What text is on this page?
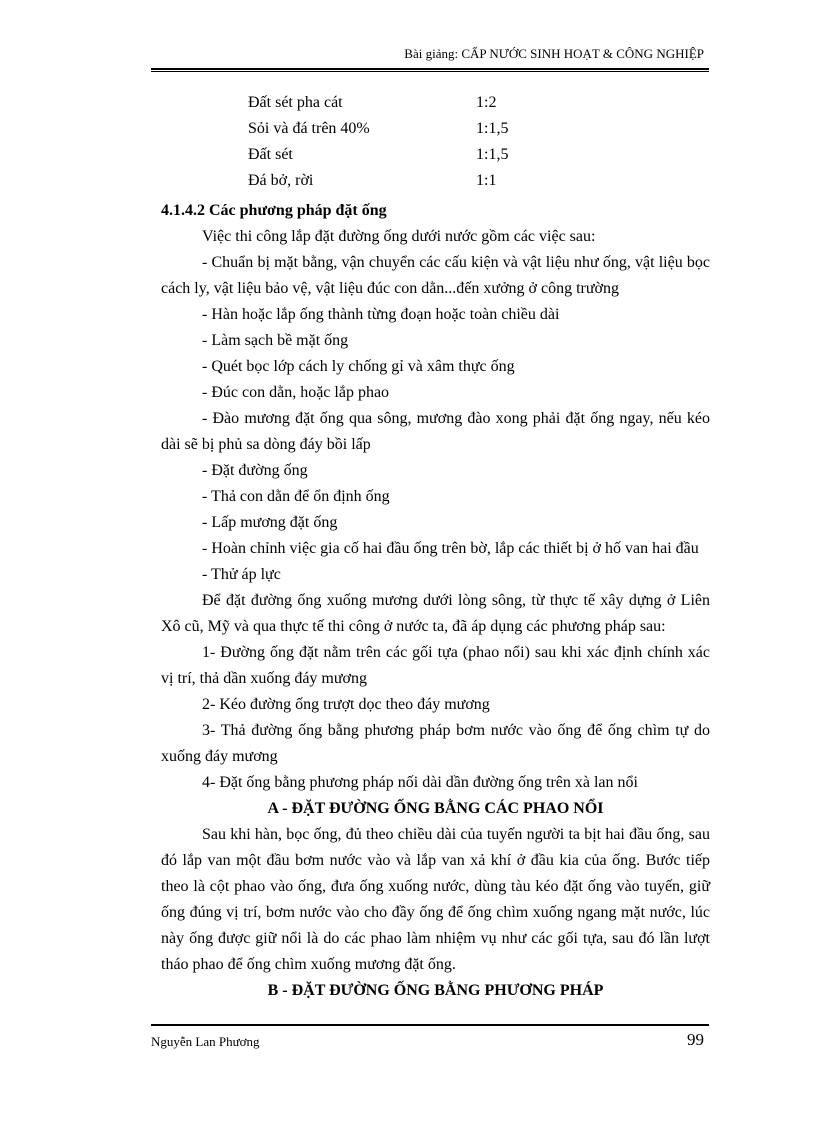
Bài giảng: CẤP NƯỚC SINH HOẠT & CÔNG NGHIỆP
Đất sét pha cát	1:2
Sỏi và đá trên 40%	1:1,5
Đất sét	1:1,5
Đá bở, rời	1:1

4.1.4.2 Các phương pháp đặt ống

Việc thi công lắp đặt đường ống dưới nước gồm các việc sau:

- Chuẩn bị mặt bằng, vận chuyển các cấu kiện và vật liệu như ống, vật liệu bọc cách ly, vật liệu bảo vệ, vật liệu đúc con dằn...đến xưởng ở công trường

- Hàn hoặc lắp ống thành từng đoạn hoặc toàn chiều dài

- Làm sạch bề mặt ống

- Quét bọc lớp cách ly chống gỉ và xâm thực ống

- Đúc con dằn, hoặc lắp phao

- Đào mương đặt ống qua sông, mương đào xong phải đặt ống ngay, nếu kéo dài sẽ bị phủ sa dòng đáy bồi lấp

- Đặt đường ống

- Thả con dằn để ổn định ống

- Lấp mương đặt ống

- Hoàn chỉnh việc gia cố hai đầu ống trên bờ, lắp các thiết bị ở hố van hai đầu

- Thử áp lực

Để đặt đường ống xuống mương dưới lòng sông, từ thực tế xây dựng ở Liên Xô cũ, Mỹ và qua thực tế thi công ở nước ta, đã áp dụng các phương pháp sau:

1- Đường ống đặt nằm trên các gối tựa (phao nổi) sau khi xác định chính xác vị trí, thả dần xuống đáy mương

2- Kéo đường ống trượt dọc theo đáy mương

3- Thả đường ống bằng phương pháp bơm nước vào ống để ống chìm tự do xuống đáy mương

4- Đặt ống bằng phương pháp nối dài dần đường ống trên xà lan nổi

A - ĐẶT ĐƯỜNG ỐNG BẰNG CÁC PHAO NỔI

Sau khi hàn, bọc ống, đủ theo chiều dài của tuyến người ta bịt hai đầu ống, sau đó lắp van một đầu bơm nước vào và lắp van xả khí ở đầu kia của ống. Bước tiếp theo là cột phao vào ống, đưa ống xuống nước, dùng tàu kéo đặt ống vào tuyến, giữ ống đúng vị trí, bơm nước vào cho đầy ống để ống chìm xuống ngang mặt nước, lúc này ống được giữ nổi là do các phao làm nhiệm vụ như các gối tựa, sau đó lần lượt tháo phao để ống chìm xuống mương đặt ống.

B - ĐẶT ĐƯỜNG ỐNG BẰNG PHƯƠNG PHÁP

Nguyễn Lan Phương	99
